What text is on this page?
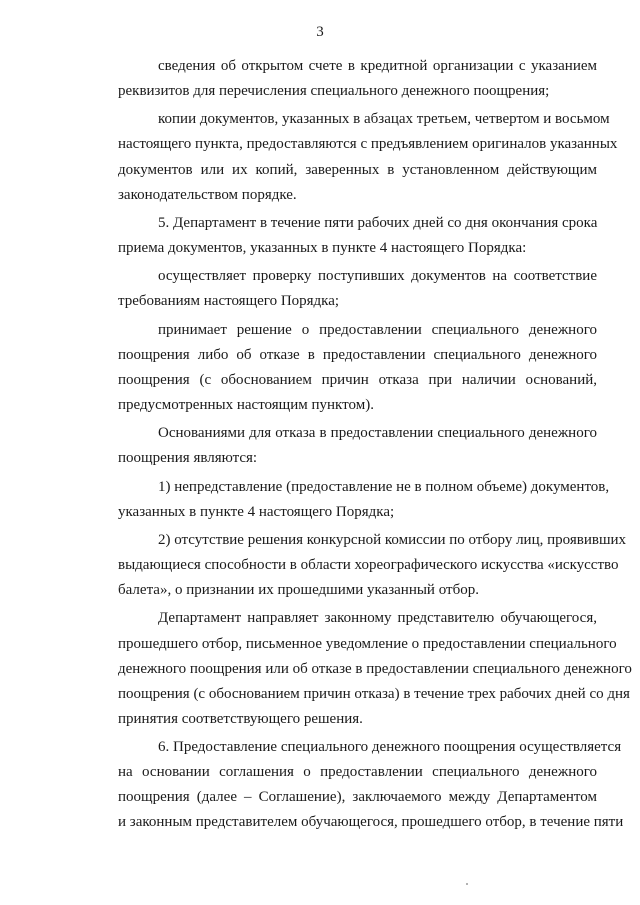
3
сведения об открытом счете в кредитной организации с указанием
реквизитов для перечисления специального денежного поощрения;
копии документов, указанных в абзацах третьем, четвертом и восьмом
настоящего пункта, предоставляются с предъявлением оригиналов указанных
документов или их копий, заверенных в установленном действующим
законодательством порядке.
5. Департамент в течение пяти рабочих дней со дня окончания срока
приема документов, указанных в пункте 4 настоящего Порядка:
осуществляет проверку поступивших документов на соответствие
требованиям настоящего Порядка;
принимает решение о предоставлении специального денежного
поощрения либо об отказе в предоставлении специального денежного
поощрения (с обоснованием причин отказа при наличии оснований,
предусмотренных настоящим пунктом).
Основаниями для отказа в предоставлении специального денежного
поощрения являются:
1) непредставление (предоставление не в полном объеме) документов,
указанных в пункте 4 настоящего Порядка;
2) отсутствие решения конкурсной комиссии по отбору лиц, проявивших
выдающиеся способности в области хореографического искусства «искусство
балета», о признании их прошедшими указанный отбор.
Департамент направляет законному представителю обучающегося,
прошедшего отбор, письменное уведомление о предоставлении специального
денежного поощрения или об отказе в предоставлении специального денежного
поощрения (с обоснованием причин отказа) в течение трех рабочих дней со дня
принятия соответствующего решения.
6. Предоставление специального денежного поощрения осуществляется
на основании соглашения о предоставлении специального денежного
поощрения (далее – Соглашение), заключаемого между Департаментом
и законным представителем обучающегося, прошедшего отбор, в течение пяти
